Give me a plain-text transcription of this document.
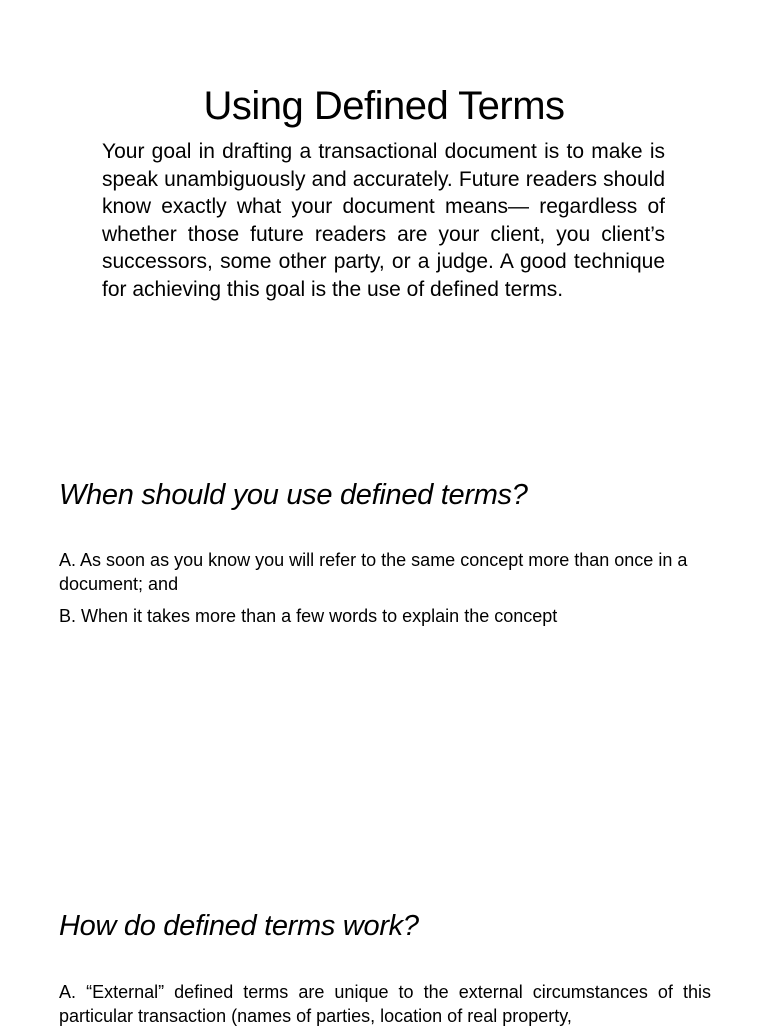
Using Defined Terms

Your goal in drafting a transactional document is to make is speak unambiguously and accurately. Future readers should know exactly what your document means— regardless of whether those future readers are your client, you client’s successors, some other party, or a judge. A good technique for achieving this goal is the use of defined terms.

When should you use defined terms?

A. As soon as you know you will refer to the same concept more than once in a document; and

B. When it takes more than a few words to explain the concept

How do defined terms work?

A. “External” defined terms are unique to the external circumstances of this particular transaction (names of parties, location of real property,
